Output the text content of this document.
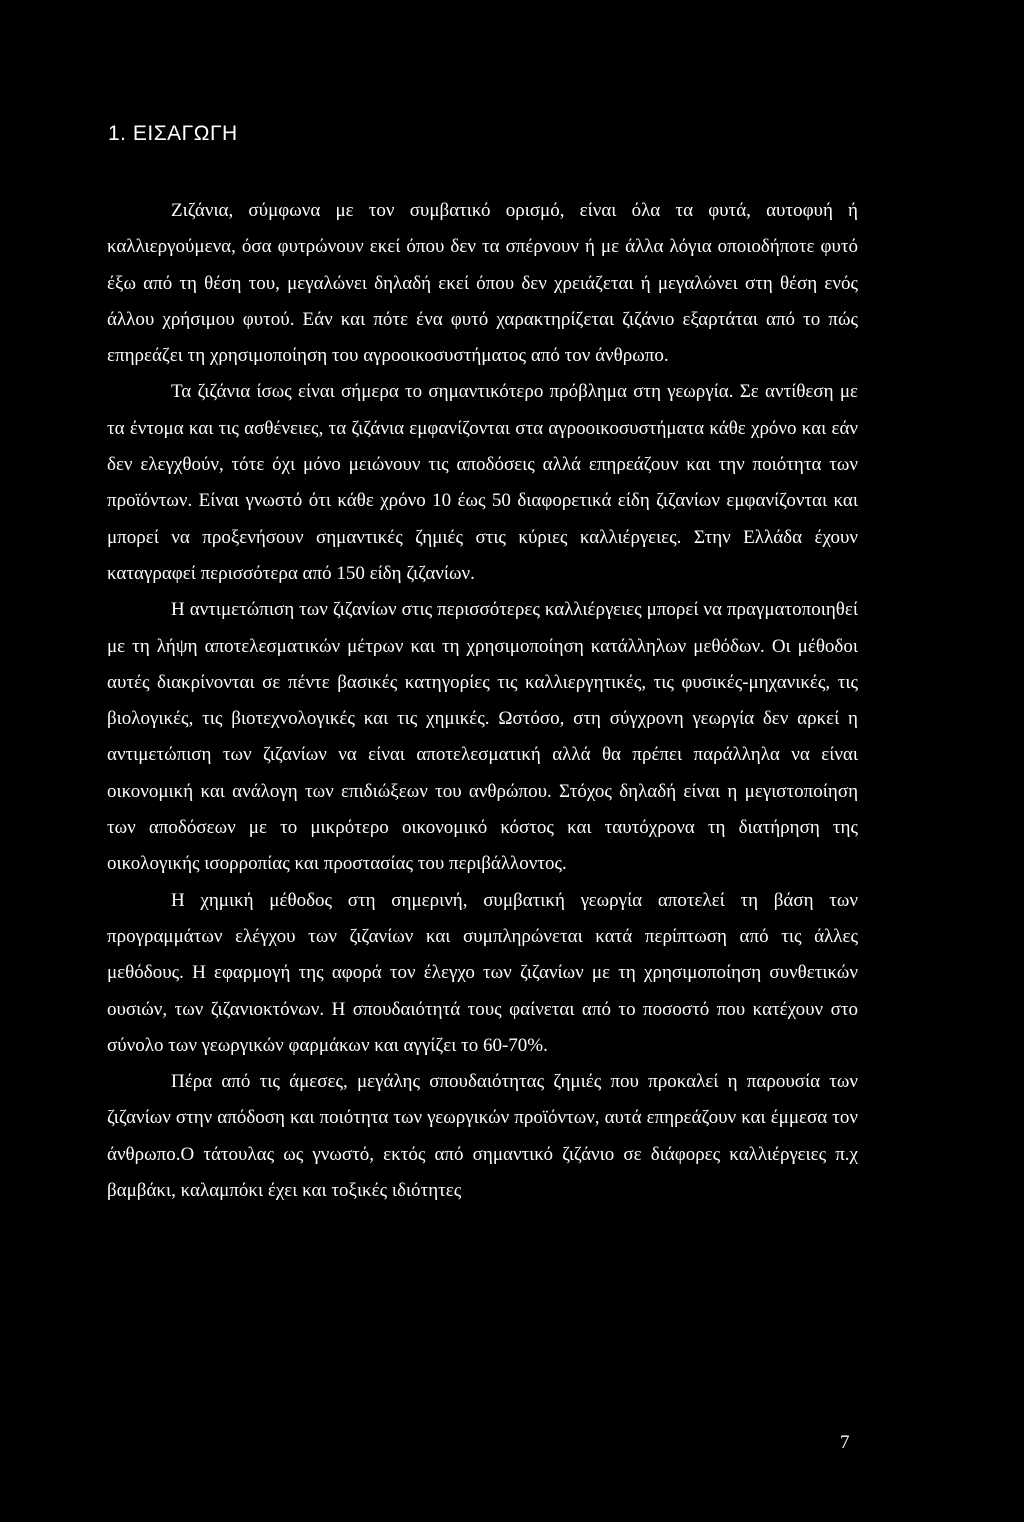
1. ΕΙΣΑΓΩΓΗ

Ζιζάνια, σύμφωνα με τον συμβατικό ορισμό, είναι όλα τα φυτά, αυτοφυή ή καλλιεργούμενα, όσα φυτρώνουν εκεί όπου δεν τα σπέρνουν ή με άλλα λόγια οποιοδήποτε φυτό έξω από τη θέση του, μεγαλώνει δηλαδή εκεί όπου δεν χρειάζεται ή μεγαλώνει στη θέση ενός άλλου χρήσιμου φυτού. Εάν και πότε ένα φυτό χαρακτηρίζεται ζιζάνιο εξαρτάται από το πώς επηρεάζει τη χρησιμοποίηση του αγροοικοσυστήματος από τον άνθρωπο.

Τα ζιζάνια ίσως είναι σήμερα το σημαντικότερο πρόβλημα στη γεωργία. Σε αντίθεση με τα έντομα και τις ασθένειες, τα ζιζάνια εμφανίζονται στα αγροοικοσυστήματα κάθε χρόνο και εάν δεν ελεγχθούν, τότε όχι μόνο μειώνουν τις αποδόσεις αλλά επηρεάζουν και την ποιότητα των προϊόντων. Είναι γνωστό ότι κάθε χρόνο 10 έως 50 διαφορετικά είδη ζιζανίων εμφανίζονται και μπορεί να προξενήσουν σημαντικές ζημιές στις κύριες καλλιέργειες. Στην Ελλάδα έχουν καταγραφεί περισσότερα από 150 είδη ζιζανίων.

Η αντιμετώπιση των ζιζανίων στις περισσότερες καλλιέργειες μπορεί να πραγματοποιηθεί με τη λήψη αποτελεσματικών μέτρων και τη χρησιμοποίηση κατάλληλων μεθόδων. Οι μέθοδοι αυτές διακρίνονται σε πέντε βασικές κατηγορίες τις καλλιεργητικές, τις φυσικές-μηχανικές, τις βιολογικές, τις βιοτεχνολογικές και τις χημικές. Ωστόσο, στη σύγχρονη γεωργία δεν αρκεί η αντιμετώπιση των ζιζανίων να είναι αποτελεσματική αλλά θα πρέπει παράλληλα να είναι οικονομική και ανάλογη των επιδιώξεων του ανθρώπου. Στόχος δηλαδή είναι η μεγιστοποίηση των αποδόσεων με το μικρότερο οικονομικό κόστος και ταυτόχρονα τη διατήρηση της οικολογικής ισορροπίας και προστασίας του περιβάλλοντος.

Η χημική μέθοδος στη σημερινή, συμβατική γεωργία αποτελεί τη βάση των προγραμμάτων ελέγχου των ζιζανίων και συμπληρώνεται κατά περίπτωση από τις άλλες μεθόδους. Η εφαρμογή της αφορά τον έλεγχο των ζιζανίων με τη χρησιμοποίηση συνθετικών ουσιών, των ζιζανιοκτόνων. Η σπουδαιότητά τους φαίνεται από το ποσοστό που κατέχουν στο σύνολο των γεωργικών φαρμάκων και αγγίζει το 60-70%.

Πέρα από τις άμεσες, μεγάλης σπουδαιότητας ζημιές που προκαλεί η παρουσία των ζιζανίων στην απόδοση και ποιότητα των γεωργικών προϊόντων, αυτά επηρεάζουν και έμμεσα τον άνθρωπο.Ο τάτουλας ως γνωστό, εκτός από σημαντικό ζιζάνιο σε διάφορες καλλιέργειες π.χ βαμβάκι, καλαμπόκι έχει και τοξικές ιδιότητες

7
